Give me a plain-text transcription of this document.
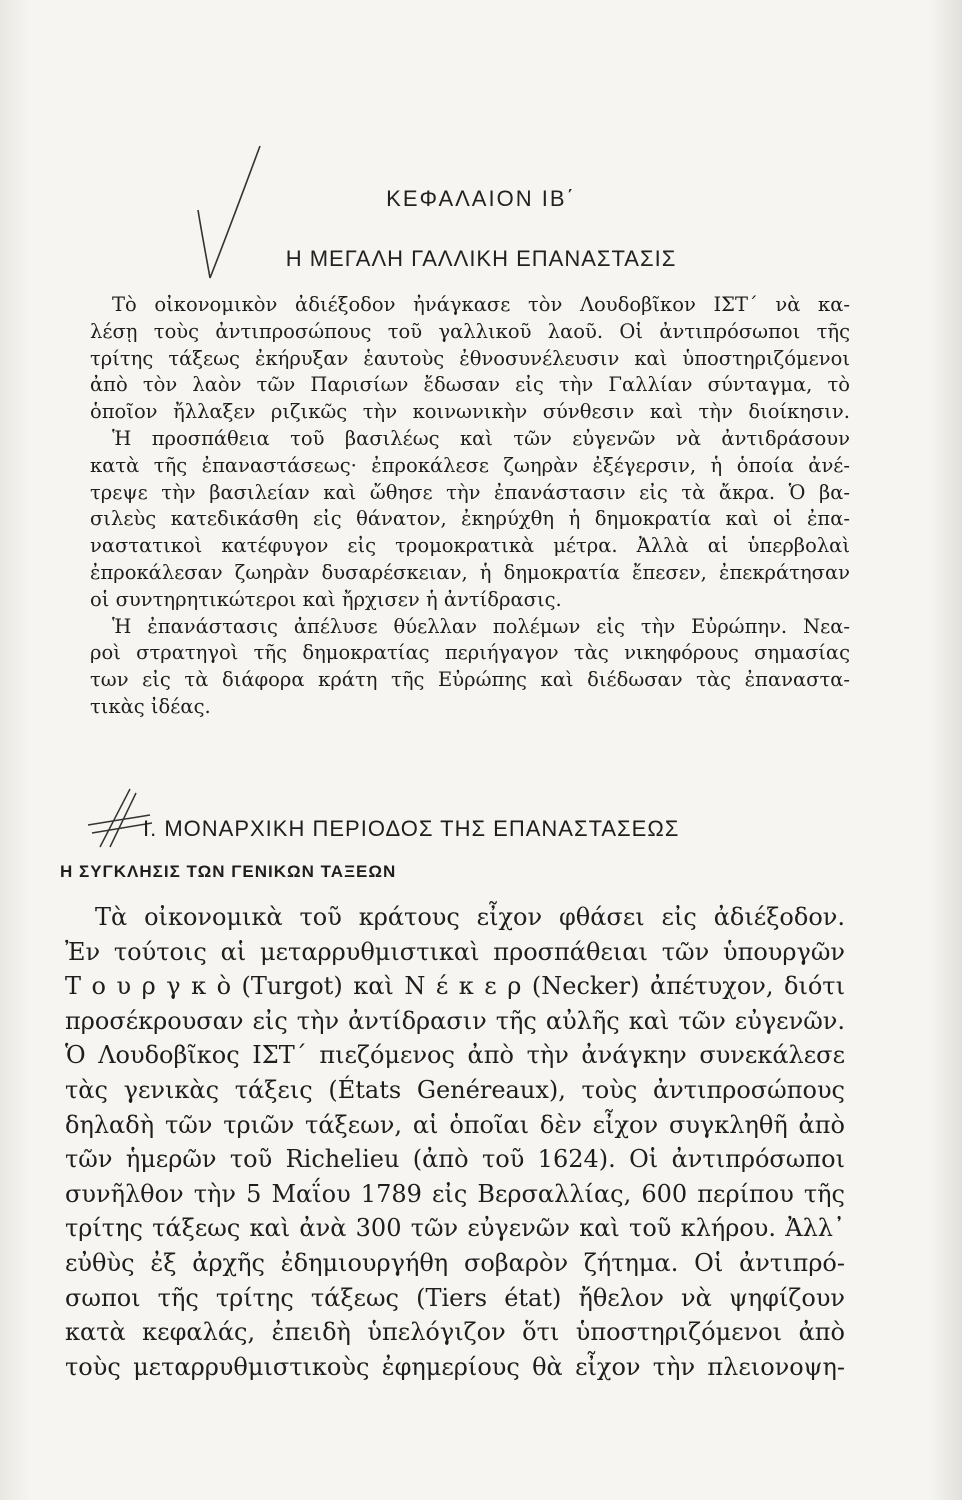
ΚΕΦΑΛΑΙΟΝ ΙΒ΄
Η ΜΕΓΑΛΗ ΓΑΛΛΙΚΗ ΕΠΑΝΑΣΤΑΣΙΣ
Τὸ οἰκονομικὸν ἀδιέξοδον ἠνάγκασε τὸν Λουδοβῖκον ΙΣΤ΄ νὰ κα-
λέσῃ τοὺς ἀντιπροσώπους τοῦ γαλλικοῦ λαοῦ. Οἱ ἀντιπρόσωποι τῆς
τρίτης τάξεως ἐκήρυξαν ἑαυτοὺς ἐθνοσυνέλευσιν καὶ ὑποστηριζόμενοι
ἀπὸ τὸν λαὸν τῶν Παρισίων ἔδωσαν εἰς τὴν Γαλλίαν σύνταγμα, τὸ
ὁποῖον ἤλλαξεν ριζικῶς τὴν κοινωνικὴν σύνθεσιν καὶ τὴν διοίκησιν.
Ἡ προσπάθεια τοῦ βασιλέως καὶ τῶν εὐγενῶν νὰ ἀντιδράσουν
κατὰ τῆς ἐπαναστάσεως· ἐπροκάλεσε ζωηρὰν ἐξέγερσιν, ἡ ὁποία ἀνέ-
τρεψε τὴν βασιλείαν καὶ ὤθησε τὴν ἐπανάστασιν εἰς τὰ ἄκρα. Ὁ βα-
σιλεὺς κατεδικάσθη εἰς θάνατον, ἐκηρύχθη ἡ δημοκρατία καὶ οἱ ἐπα-
ναστατικοὶ κατέφυγον εἰς τρομοκρατικὰ μέτρα. Ἀλλὰ αἱ ὑπερβολαὶ
ἐπροκάλεσαν ζωηρὰν δυσαρέσκειαν, ἡ δημοκρατία ἔπεσεν, ἐπεκράτησαν
οἱ συντηρητικώτεροι καὶ ἤρχισεν ἡ ἀντίδρασις.
Ἡ ἐπανάστασις ἀπέλυσε θύελλαν πολέμων εἰς τὴν Εὐρώπην. Νεα-
ροὶ στρατηγοὶ τῆς δημοκρατίας περιήγαγον τὰς νικηφόρους σημασίας
των εἰς τὰ διάφορα κράτη τῆς Εὐρώπης καὶ διέδωσαν τὰς ἐπαναστα-
τικὰς ἰδέας.
Ι. ΜΟΝΑΡΧΙΚΗ ΠΕΡΙΟΔΟΣ ΤΗΣ ΕΠΑΝΑΣΤΑΣΕΩΣ
Η ΣΥΓΚΛΗΣΙΣ ΤΩΝ ΓΕΝΙΚΩΝ ΤΑΞΕΩΝ
Τὰ οἰκονομικὰ τοῦ κράτους εἶχον φθάσει εἰς ἀδιέξοδον.
Ἐν τούτοις αἱ μεταρρυθμιστικαὶ προσπάθειαι τῶν ὑπουργῶν
Τ ο υ ρ γ κ ὸ (Turgot) καὶ Ν έ κ ε ρ (Necker) ἀπέτυχον, διότι
προσέκρουσαν εἰς τὴν ἀντίδρασιν τῆς αὐλῆς καὶ τῶν εὐγενῶν.
Ὁ Λουδοβῖκος ΙΣΤ΄ πιεζόμενος ἀπὸ τὴν ἀνάγκην συνεκάλεσε
τὰς γενικὰς τάξεις (États Genéreaux), τοὺς ἀντιπροσώπους
δηλαδὴ τῶν τριῶν τάξεων, αἱ ὁποῖαι δὲν εἶχον συγκληθῆ ἀπὸ
τῶν ἡμερῶν τοῦ Richelieu (ἀπὸ τοῦ 1624). Οἱ ἀντιπρόσωποι
συνῆλθον τὴν 5 Μαΐου 1789 εἰς Βερσαλλίας, 600 περίπου τῆς
τρίτης τάξεως καὶ ἀνὰ 300 τῶν εὐγενῶν καὶ τοῦ κλήρου. Ἀλλ᾽
εὐθὺς ἐξ ἀρχῆς ἐδημιουργήθη σοβαρὸν ζήτημα. Οἱ ἀντιπρό-
σωποι τῆς τρίτης τάξεως (Tiers état) ἤθελον νὰ ψηφίζουν
κατὰ κεφαλάς, ἐπειδὴ ὑπελόγιζον ὅτι ὑποστηριζόμενοι ἀπὸ
τοὺς μεταρρυθμιστικοὺς ἐφημερίους θὰ εἶχον τὴν πλειονοψη-
